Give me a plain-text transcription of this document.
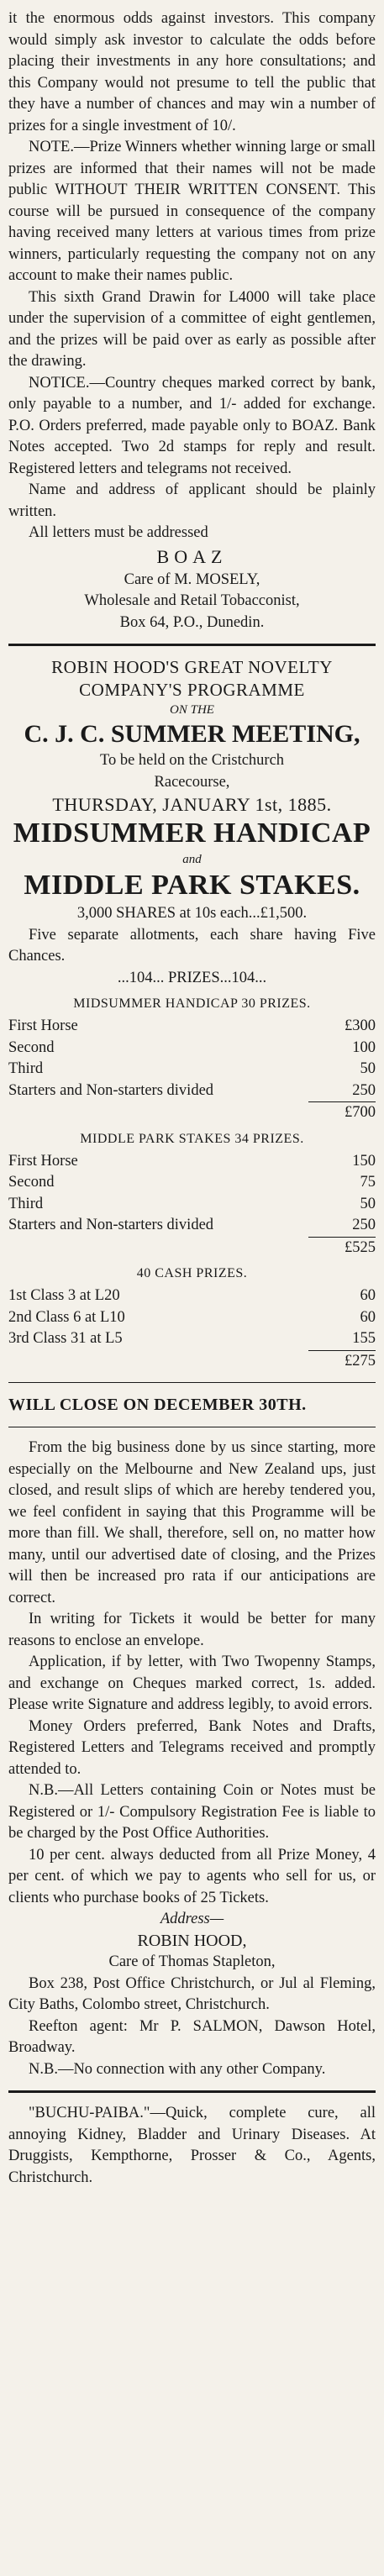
it the enormous odds against investors. This company would simply ask investor to calculate the odds before placing their investments in any hore consultations; and this Company would not presume to tell the public that they have a number of chances and may win a number of prizes for a single investment of 10/.

NOTE.—Prize Winners whether winning large or small prizes are informed that their names will not be made public WITHOUT THEIR WRITTEN CONSENT. This course will be pursued in consequence of the company having received many letters at various times from prize winners, particularly requesting the company not on any account to make their names public.

This sixth Grand Drawin for L4000 will take place under the supervision of a committee of eight gentlemen, and the prizes will be paid over as early as possible after the drawing.

NOTICE.—Country cheques marked correct by bank, only payable to a number, and 1/- added for exchange. P.O. Orders preferred, made payable only to BOAZ. Bank Notes accepted. Two 2d stamps for reply and result. Registered letters and telegrams not received.

Name and address of applicant should be plainly written.

All letters must be addressed

BOAZ

Care of M. MOSELY,

Wholesale and Retail Tobacconist,

Box 64, P.O., Dunedin.

ROBIN HOOD'S GREAT NOVELTY

COMPANY'S PROGRAMME

ON THE

C. J. C. SUMMER MEETING,

To be held on the Cristchurch

Racecourse,

THURSDAY, JANUARY 1st, 1885.

MIDSUMMER HANDICAP

and

MIDDLE PARK STAKES.

3,000 SHARES at 10s each...£1,500.

Five separate allotments, each share having Five Chances.

...104... PRIZES...104...

MIDSUMMER HANDICAP 30 PRIZES.

First Horse	£300
Second	100
Third	50
Starters and Non-starters divided	250

£700

MIDDLE PARK STAKES 34 PRIZES.

First Horse	150
Second	75
Third	50
Starters and Non-starters divided	250

£525

40 CASH PRIZES.

1st Class 3 at L20	60
2nd Class 6 at L10	60
3rd Class 31 at L5	155

£275

WILL CLOSE ON DECEMBER 30TH.

From the big business done by us since starting, more especially on the Melbourne and New Zealand ups, just closed, and result slips of which are hereby tendered you, we feel confident in saying that this Programme will be more than fill. We shall, therefore, sell on, no matter how many, until our advertised date of closing, and the Prizes will then be increased pro rata if our anticipations are correct.

In writing for Tickets it would be better for many reasons to enclose an envelope.

Application, if by letter, with Two Twopenny Stamps, and exchange on Cheques marked correct, 1s. added. Please write Signature and address legibly, to avoid errors.

Money Orders preferred, Bank Notes and Drafts, Registered Letters and Telegrams received and promptly attended to.

N.B.—All Letters containing Coin or Notes must be Registered or 1/- Compulsory Registration Fee is liable to be charged by the Post Office Authorities.

10 per cent. always deducted from all Prize Money, 4 per cent. of which we pay to agents who sell for us, or clients who purchase books of 25 Tickets.

Address—

ROBIN HOOD,

Care of Thomas Stapleton,

Box 238, Post Office Christchurch, or Jul al Fleming, City Baths, Colombo street, Christchurch.

Reefton agent: Mr P. SALMON, Dawson Hotel, Broadway.

N.B.—No connection with any other Company.

"BUCHU-PAIBA."—Quick, complete cure, all annoying Kidney, Bladder and Urinary Diseases. At Druggists, Kempthorne, Prosser & Co., Agents, Christchurch.
